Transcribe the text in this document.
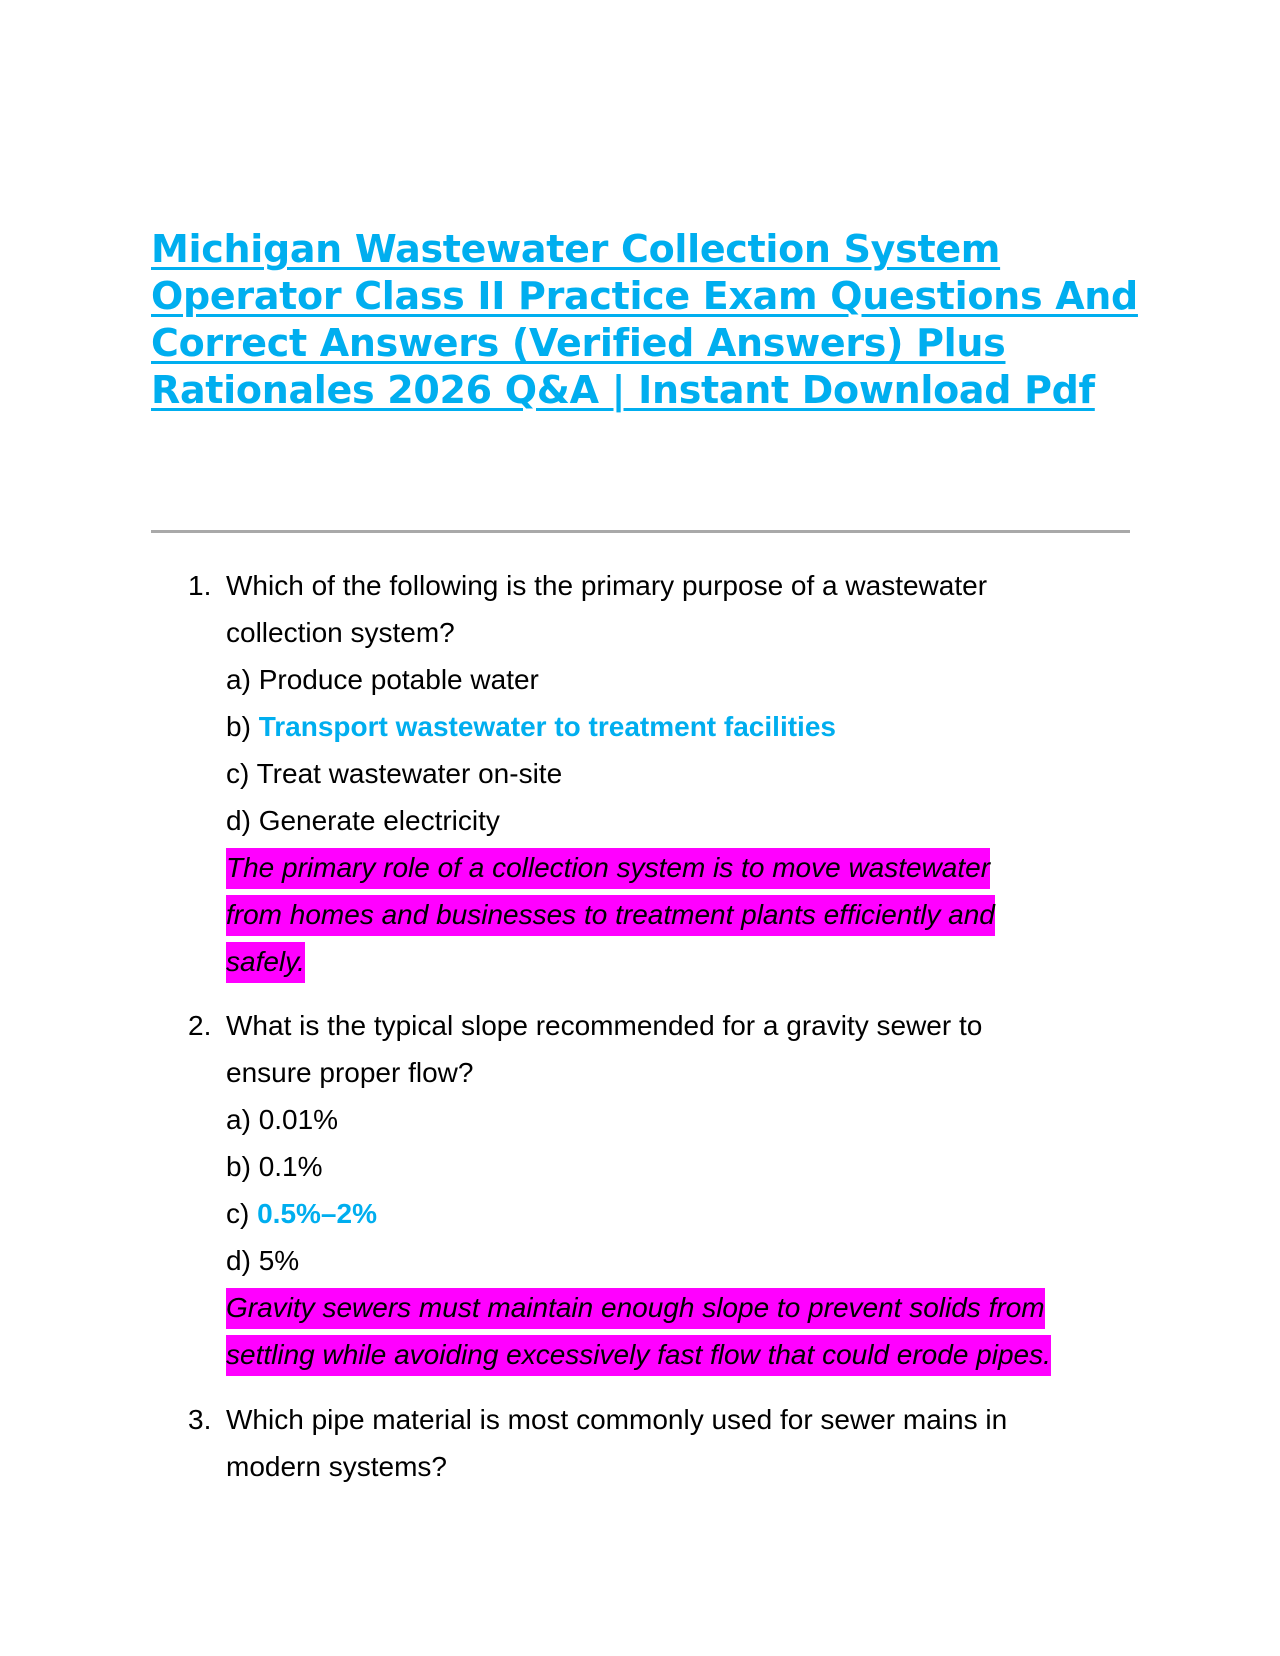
Michigan Wastewater Collection System
Operator Class II Practice Exam Questions And
Correct Answers (Verified Answers) Plus
Rationales 2026 Q&A | Instant Download Pdf
1. Which of the following is the primary purpose of a wastewater
collection system?
a) Produce potable water
b) Transport wastewater to treatment facilities
c) Treat wastewater on-site
d) Generate electricity
The primary role of a collection system is to move wastewater
from homes and businesses to treatment plants efficiently and
safely.
2. What is the typical slope recommended for a gravity sewer to
ensure proper flow?
a) 0.01%
b) 0.1%
c) 0.5%–2%
d) 5%
Gravity sewers must maintain enough slope to prevent solids from
settling while avoiding excessively fast flow that could erode pipes.
3. Which pipe material is most commonly used for sewer mains in
modern systems?
